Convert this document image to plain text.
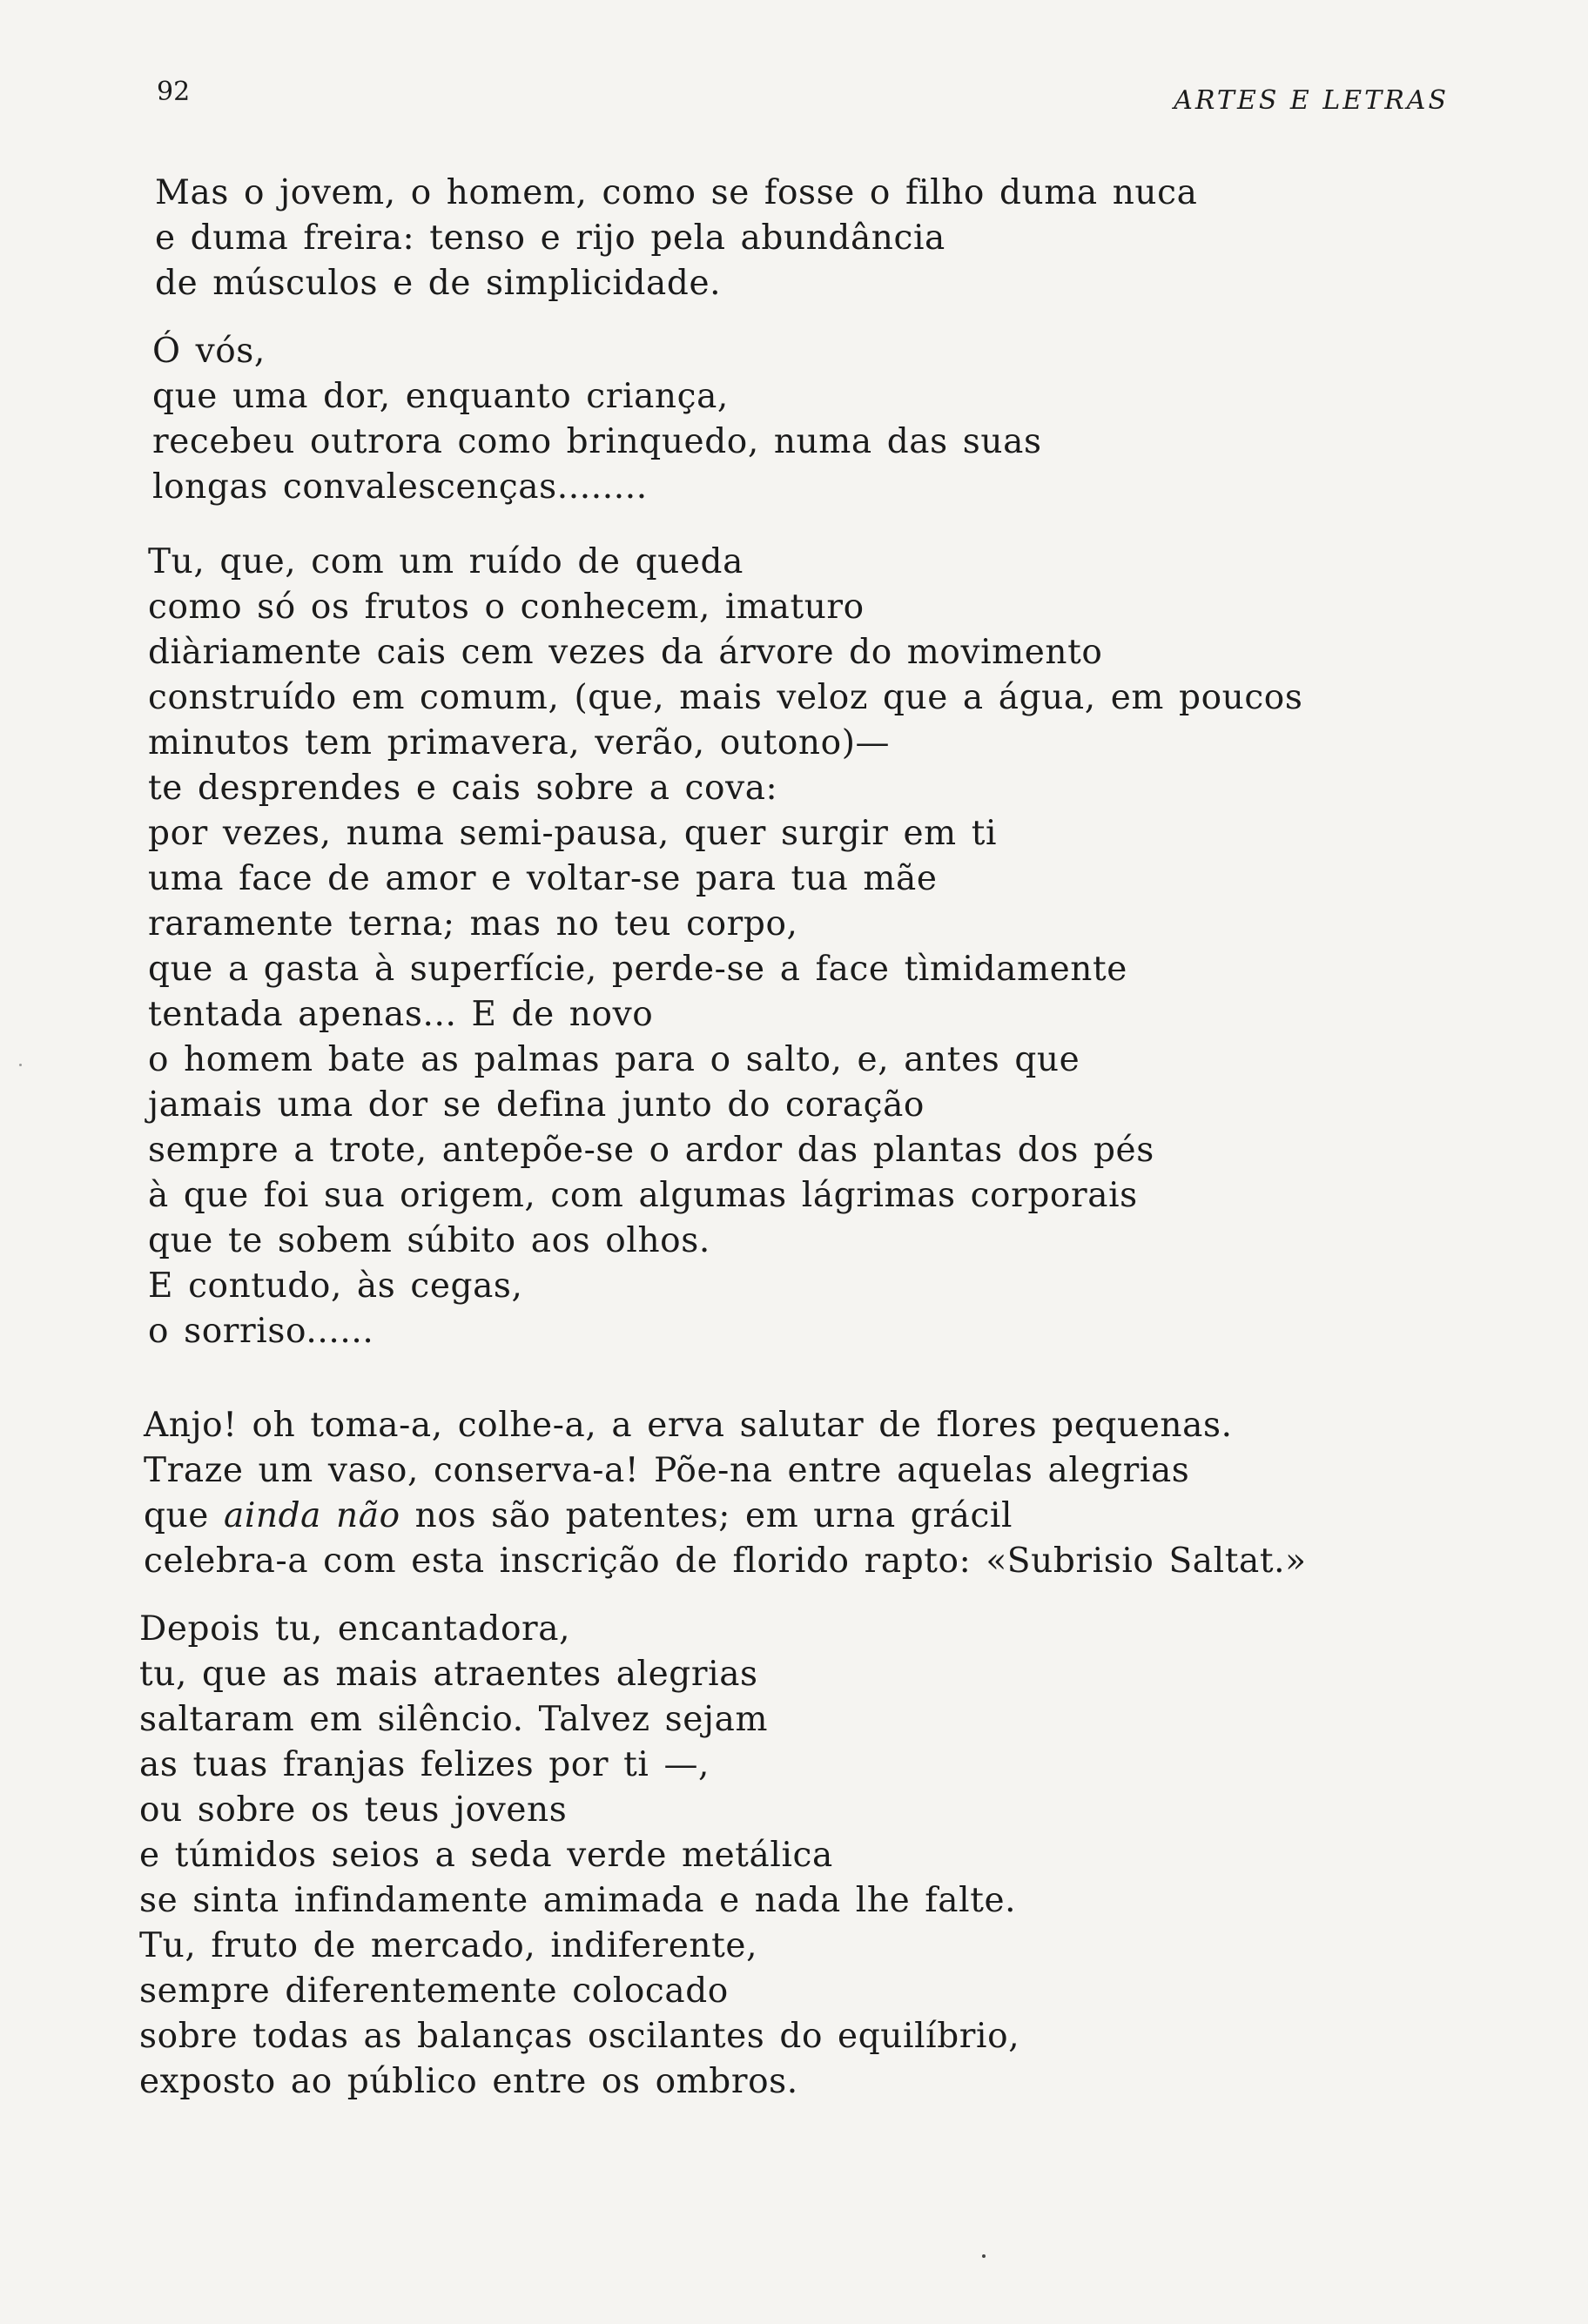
92	ARTES E LETRAS
Mas o jovem, o homem, como se fosse o filho duma nuca
e duma freira: tenso e rijo pela abundância
de músculos e de simplicidade.
Ó vós,
que uma dor, enquanto criança,
recebeu outrora como brinquedo, numa das suas
longas convalescenças........
Tu, que, com um ruído de queda
como só os frutos o conhecem, imaturo
diàriamente cais cem vezes da árvore do movimento
construído em comum, (que, mais veloz que a água, em poucos
minutos tem primavera, verão, outono)—
te desprendes e cais sobre a cova:
por vezes, numa semi-pausa, quer surgir em ti
uma face de amor e voltar-se para tua mãe
raramente terna; mas no teu corpo,
que a gasta à superfície, perde-se a face tìmidamente
tentada apenas... E de novo
o homem bate as palmas para o salto, e, antes que
jamais uma dor se defina junto do coração
sempre a trote, antepõe-se o ardor das plantas dos pés
à que foi sua origem, com algumas lágrimas corporais
que te sobem súbito aos olhos.
E contudo, às cegas,
o sorriso......
Anjo! oh toma-a, colhe-a, a erva salutar de flores pequenas.
Traze um vaso, conserva-a! Põe-na entre aquelas alegrias
que ainda não nos são patentes; em urna grácil
celebra-a com esta inscrição de florido rapto: «Subrisio Saltat.»
Depois tu, encantadora,
tu, que as mais atraentes alegrias
saltaram em silêncio. Talvez sejam
as tuas franjas felizes por ti —,
ou sobre os teus jovens
e túmidos seios a seda verde metálica
se sinta infindamente amimada e nada lhe falte.
Tu, fruto de mercado, indiferente,
sempre diferentemente colocado
sobre todas as balanças oscilantes do equilíbrio,
exposto ao público entre os ombros.
